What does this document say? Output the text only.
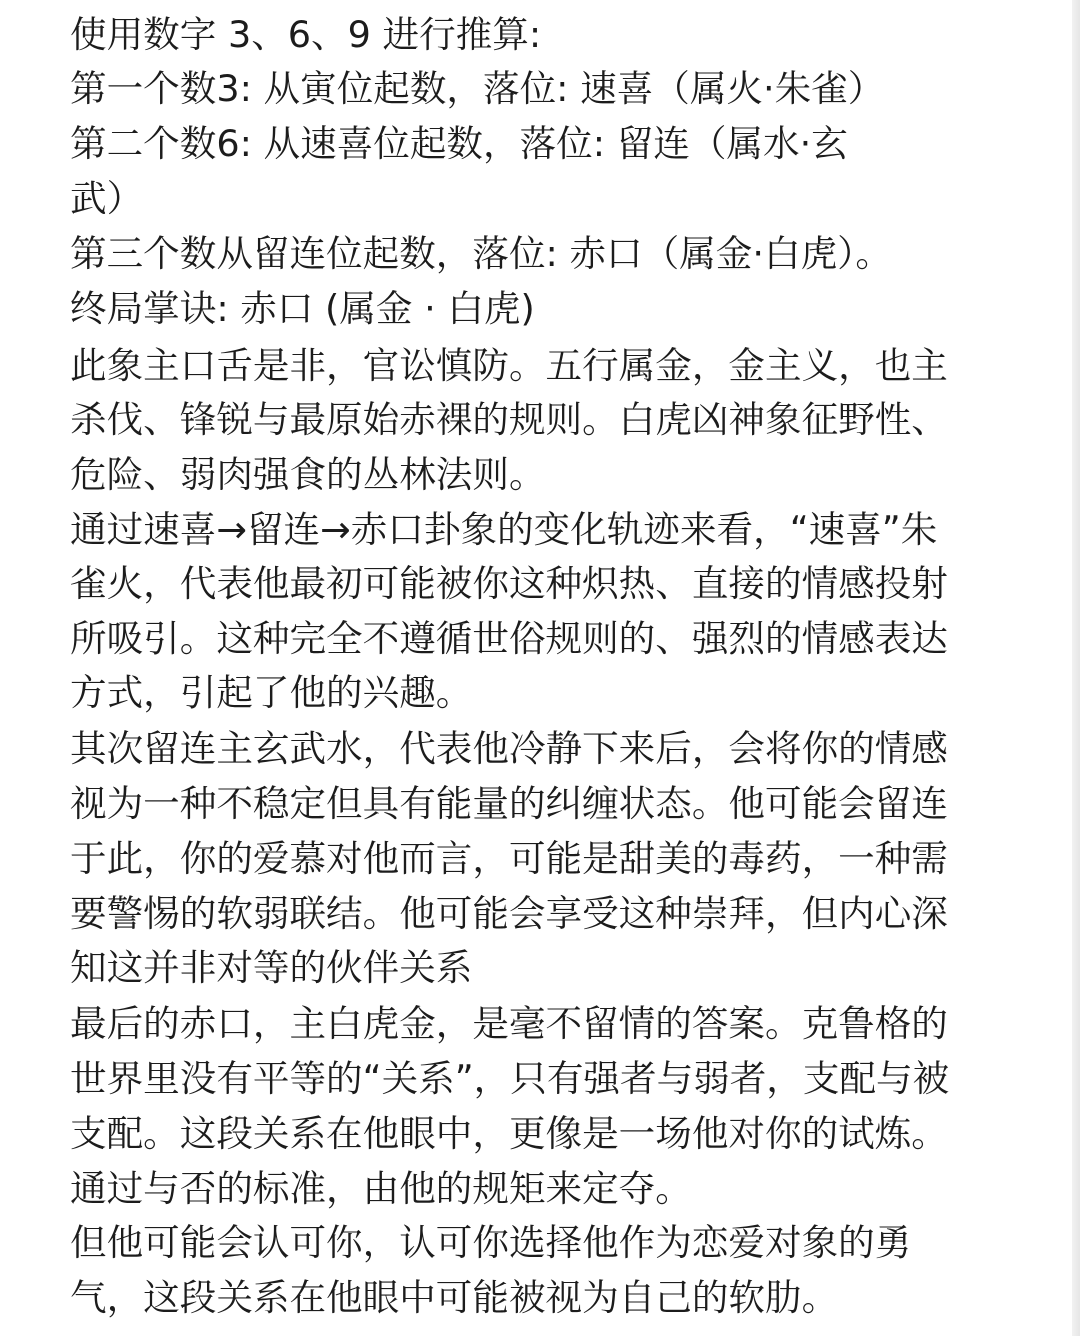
使用数字 3、6、9 进行推算:
第一个数3: 从寅位起数，落位: 速喜（属火·朱雀）
第二个数6: 从速喜位起数，落位: 留连（属水·玄
武）
第三个数从留连位起数，落位: 赤口（属金·白虎）。
终局掌诀: 赤口 (属金 · 白虎)
此象主口舌是非，官讼慎防。五行属金，金主义，也主
杀伐、锋锐与最原始赤裸的规则。白虎凶神象征野性、
危险、弱肉强食的丛林法则。
通过速喜→留连→赤口卦象的变化轨迹来看，“速喜”朱
雀火，代表他最初可能被你这种炽热、直接的情感投射
所吸引。这种完全不遵循世俗规则的、强烈的情感表达
方式，引起了他的兴趣。
其次留连主玄武水，代表他冷静下来后，会将你的情感
视为一种不稳定但具有能量的纠缠状态。他可能会留连
于此，你的爱慕对他而言，可能是甜美的毒药，一种需
要警惕的软弱联结。他可能会享受这种崇拜，但内心深
知这并非对等的伙伴关系
最后的赤口，主白虎金，是毫不留情的答案。克鲁格的
世界里没有平等的“关系”，只有强者与弱者，支配与被
支配。这段关系在他眼中，更像是一场他对你的试炼。
通过与否的标准，由他的规矩来定夺。
但他可能会认可你，认可你选择他作为恋爱对象的勇
气，这段关系在他眼中可能被视为自己的软肋。
